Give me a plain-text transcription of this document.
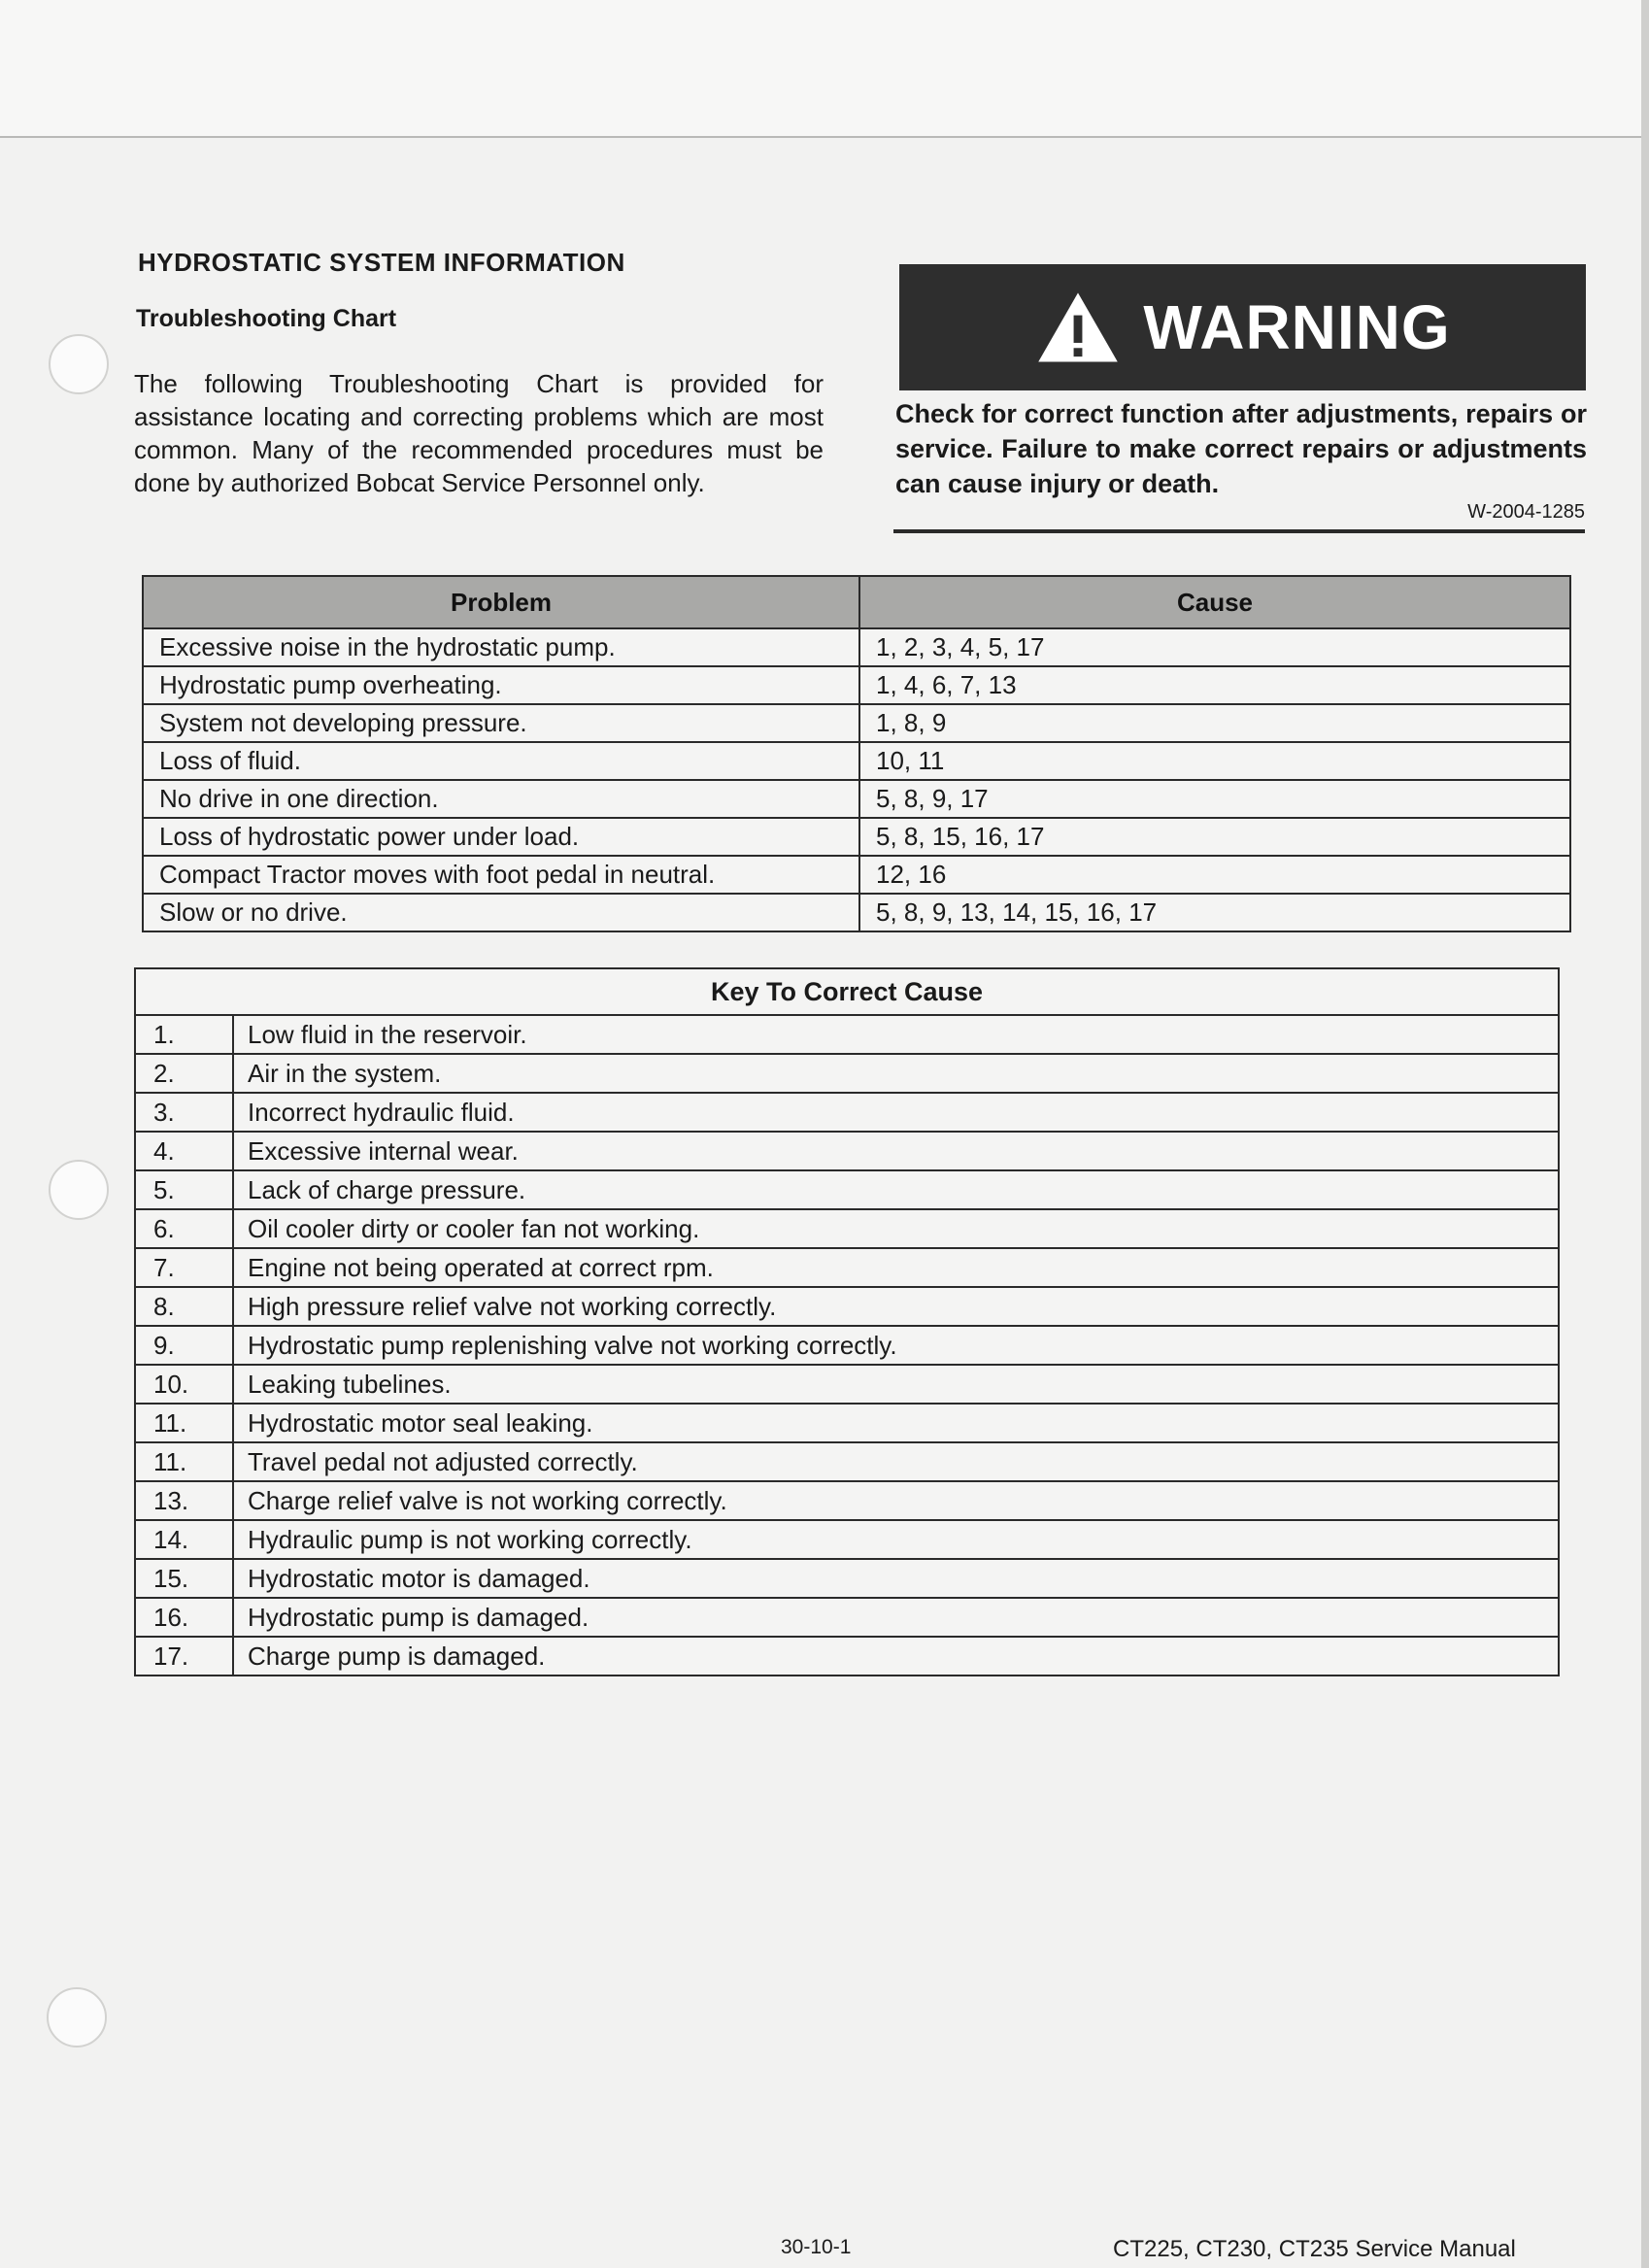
HYDROSTATIC SYSTEM INFORMATION
Troubleshooting Chart
The following Troubleshooting Chart is provided for assistance locating and correcting problems which are most common. Many of the recommended procedures must be done by authorized Bobcat Service Personnel only.
WARNING
Check for correct function after adjustments, repairs or service. Failure to make correct repairs or adjustments can cause injury or death.
W-2004-1285
Problem	Cause
Excessive noise in the hydrostatic pump.	1, 2, 3, 4, 5, 17
Hydrostatic pump overheating.	1, 4, 6, 7, 13
System not developing pressure.	1, 8, 9
Loss of fluid.	10, 11
No drive in one direction.	5, 8, 9, 17
Loss of hydrostatic power under load.	5, 8, 15, 16, 17
Compact Tractor moves with foot pedal in neutral.	12, 16
Slow or no drive.	5, 8, 9, 13, 14, 15, 16, 17
Key To Correct Cause	
1.	Low fluid in the reservoir.
2.	Air in the system.
3.	Incorrect hydraulic fluid.
4.	Excessive internal wear.
5.	Lack of charge pressure.
6.	Oil cooler dirty or cooler fan not working.
7.	Engine not being operated at correct rpm.
8.	High pressure relief valve not working correctly.
9.	Hydrostatic pump replenishing valve not working correctly.
10.	Leaking tubelines.
11.	Hydrostatic motor seal leaking.
11.	Travel pedal not adjusted correctly.
13.	Charge relief valve is not working correctly.
14.	Hydraulic pump is not working correctly.
15.	Hydrostatic motor is damaged.
16.	Hydrostatic pump is damaged.
17.	Charge pump is damaged.
30-10-1	CT225, CT230, CT235 Service Manual
